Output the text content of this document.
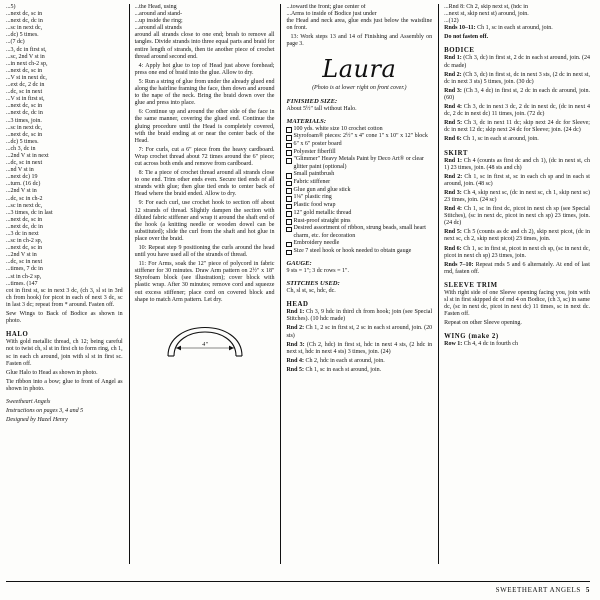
...5)
...next dc, sc in
...next dc, dc in
...sc in next dc,
...dc) 5 times.
...(7 dc)
...3, dc in first st,
...sc, 2nd V st in
...in next ch-2 sp,
...next dc, sc in
...V st in next dc,
...ext dc, 2 dc in
...dc, sc in next
...V st in first st,
...next dc, sc in
...next dc, dc in
...3 times, join.
...sc in next dc,
...next dc, sc in
...dc) 5 times.
...ch 3, dc in
...2nd V st in next
...dc, sc in next
...nd V st in
...next dc) 19
...turn. (16 dc)
...2nd V st in
...dc, sc in ch-2
...sc in next dc,
...3 times, dc in last
...next dc, sc in
...next dc, dc in
...3 dc in next
...sc in ch-2 sp,
...next dc, sc in
...2nd V st in
...dc, sc in next
...times, 7 dc in
...st in ch-2 sp,
...times. (147

cot in first st, sc in next 3 dc, (ch 3, sl st in 3rd ch from hook) for picot in each of next 3 dc, sc in last 3 dc; repeat from * around. Fasten off.

Sew Wings to Back of Bodice as shown in photo.

HALO

With gold metallic thread, ch 12; being careful not to twist ch, sl st in first ch to form ring, ch 1, sc in each ch around, join with sl st in first sc. Fasten off.

Glue Halo to Head as shown in photo.

Tie ribbon into a bow; glue to front of Angel as shown in photo.

Sweetheart Angels

Instructions on pages 3, 4 and 5

Designed by Hazel Henry

...the Head, using
...around and stand-
...up inside the ring;
...around all strands

around all strands close to one end; brush to remove all tangles. Divide strands into three equal parts and braid for entire length of strands, then tie another piece of crochet thread around second end.

4: Apply hot glue to top of Head just above forehead; press one end of braid into the glue. Allow to dry.

5: Run a string of glue from under the already glued end along the hairline framing the face, then down and around to the nape of the neck. Bring the braid down over the glue and press into place.

6: Continue up and around the other side of the face in the same manner, covering the glued end. Continue the gluing procedure until the Head is completely covered, with the braid ending at or near the center back of the Head.

7: For curls, cut a 6" piece from the heavy cardboard. Wrap crochet thread about 72 times around the 6" piece; cut across both ends and remove from cardboard.

8: Tie a piece of crochet thread around all strands close to one end. Trim other ends even. Secure tied ends of all strands with glue; then glue tied ends to center back of Head where the braid ended. Allow to dry.

9: For each curl, use crochet hook to section off about 12 strands of thread. Slightly dampen the section with diluted fabric stiffener and wrap it around the shaft end of the hook (a knitting needle or wooden dowel can be substituted); slide the curl from the shaft and hot glue in place over the braid.

10: Repeat step 9 positioning the curls around the head until you have used all of the strands of thread.

11: For Arms, soak the 12" piece of polycord in fabric stiffener for 30 minutes. Draw Arm pattern on 2½" x 18" Styrofoam block (see illustration); cover block with plastic wrap. After 30 minutes; remove cord and squeeze out excess stiffener; place cord on covered block and shape to match Arm pattern. Let dry.

4"
...toward the front; glue center of
...Arms to inside of Bodice just under

the Head and neck area, glue ends just below the waistline on front.

13: Work steps 13 and 14 of Finishing and Assembly on page 3.

Laura
(Photo is at lower right on front cover.)
FINISHED SIZE:

About 5½" tall without Halo.

MATERIALS:
100 yds. white size 10 crochet cotton
Styrofoam® pieces: 2½" x 4" cone 1" x 10" x 12" block
6" x 6" poster board
Polyester fiberfill
"Glimmer" Heavy Metals Paint by Deco Art® or clear glitter paint (optional)
Small paintbrush
Fabric stiffener
Glue gun and glue stick
1⅛" plastic ring
Plastic food wrap
12" gold metallic thread
Rust-proof straight pins
Desired assortment of ribbon, strung beads, small heart charm, etc. for decoration
Embroidery needle
Size 7 steel hook or hook needed to obtain gauge
GAUGE:

9 sts = 1"; 3 dc rows = 1".

STITCHES USED:

Ch, sl st, sc, hdc, dc.

HEAD

Rnd 1: Ch 3, 9 hdc in third ch from hook; join (see Special Stitches). (10 hdc made)

Rnd 2: Ch 1, 2 sc in first st, 2 sc in each st around, join. (20 sts)

Rnd 3: (Ch 2, hdc) in first st, hdc in next 4 sts, (2 hdc in next st, hdc in next 4 sts) 3 times, join. (24)

Rnd 4: Ch 2, hdc in each st around, join.

Rnd 5: Ch 1, sc in each st around, join.

...Rnd 8: Ch 2, skip next st, (hdc in
...next st, skip next st) around, join.
...(12)

Rnds 10–11: Ch 1, sc in each st around, join.

Do not fasten off.

BODICE

Rnd 1: (Ch 3, dc) in first st, 2 dc in each st around, join. (24 dc made)

Rnd 2: (Ch 3, dc) in first st, dc in next 3 sts, (2 dc in next st, dc in next 3 sts) 5 times, join. (30 dc)

Rnd 3: (Ch 3, 4 dc) in first st, 2 dc in each dc around, join. (60)

Rnd 4: Ch 3, dc in next 3 dc, 2 dc in next dc, (dc in next 4 dc, 2 dc in next dc) 11 times, join. (72 dc)

Rnd 5: Ch 3, dc in next 11 dc; skip next 24 dc for Sleeve; dc in next 12 dc; skip next 24 dc for Sleeve; join. (24 dc)

Rnd 6: Ch 1, sc in each st around, join.

SKIRT

Rnd 1: Ch 4 (counts as first dc and ch 1), (dc in next st, ch 1) 23 times, join. (48 sts and ch)

Rnd 2: Ch 1, sc in first st, sc in each ch sp and in each st around, join. (48 sc)

Rnd 3: Ch 4, skip next sc, (dc in next sc, ch 1, skip next sc) 23 times, join. (24 sc)

Rnd 4: Ch 1, sc in first dc, picot in next ch sp (see Special Stitches), (sc in next dc, picot in next ch sp) 23 times, join. (24 dc)

Rnd 5: Ch 5 (counts as dc and ch 2), skip next picot, (dc in next sc, ch 2, skip next picot) 23 times, join.

Rnd 6: Ch 1, sc in first st, picot in next ch sp, (sc in next dc, picot in next ch sp) 23 times, join.

Rnds 7–10: Repeat rnds 5 and 6 alternately. At end of last rnd, fasten off.

SLEEVE TRIM

With right side of one Sleeve opening facing you, join with sl st in first skipped dc of rnd 4 on Bodice, (ch 3, sc) in same dc, (sc in next dc, picot in next dc) 11 times, sc in next dc. Fasten off.

Repeat on other Sleeve opening.

WING (make 2)

Row 1: Ch 4, 4 dc in fourth ch

SWEETHEART ANGELS 5
